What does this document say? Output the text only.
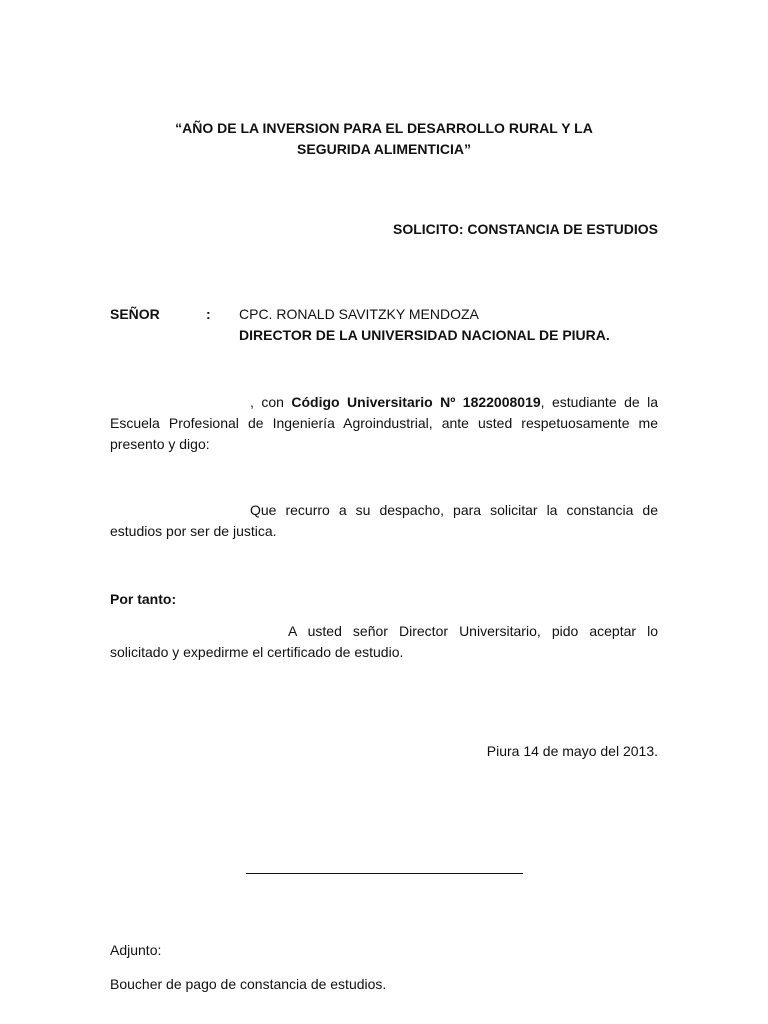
“AÑO DE LA INVERSION PARA EL DESARROLLO RURAL Y LA
SEGURIDA ALIMENTICIA”
SOLICITO: CONSTANCIA DE ESTUDIOS
SEÑOR	: CPC. RONALD SAVITZKY MENDOZA
DIRECTOR DE LA UNIVERSIDAD NACIONAL DE PIURA.
, con Código Universitario Nº 1822008019, estudiante de la Escuela Profesional de Ingeniería Agroindustrial, ante usted respetuosamente me presento y digo:
Que recurro a su despacho, para solicitar la constancia de estudios por ser de justica.
Por tanto:
A usted señor Director Universitario, pido aceptar lo solicitado y expedirme el certificado de estudio.
Piura 14 de mayo del 2013.
Adjunto:
Boucher de pago de constancia de estudios.
